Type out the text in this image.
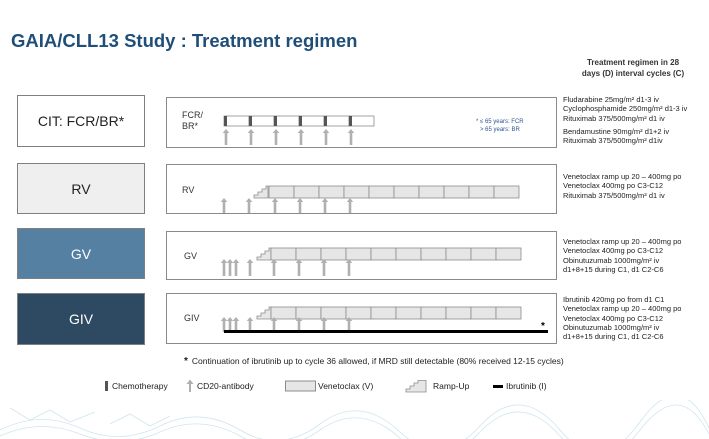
GAIA/CLL13 Study : Treatment regimen
Treatment regimen in 28
days (D) interval cycles (C)
CIT: FCR/BR*
RV
GV
GIV
FCR/
BR*	* ≤ 65 years: FCR
> 65 years: BR
RV
GV
GIV
*
Fludarabine 25mg/m² d1-3 iv
Cyclophosphamide 250mg/m² d1-3 iv
Rituximab 375/500mg/m² d1 iv

Bendamustine 90mg/m² d1+2 iv
Rituximab 375/500mg/m² d1iv
Venetoclax ramp up 20 – 400mg po
Venetoclax 400mg po C3-C12
Rituximab 375/500mg/m² d1 iv
Venetoclax ramp up 20 – 400mg po
Venetoclax 400mg po C3-C12
Obinutuzumab 1000mg/m² iv
d1+8+15 during C1, d1 C2-C6
Ibrutinib 420mg po from d1 C1
Venetoclax ramp up 20 – 400mg po
Venetoclax 400mg po C3-C12
Obinutuzumab 1000mg/m² iv
d1+8+15 during C1, d1 C2-C6
* Continuation of ibrutinib up to cycle 36 allowed, if MRD still detectable (80% received 12-15 cycles)
Chemotherapy	CD20-antibody	Venetoclax (V)	Ramp-Up	Ibrutinib (I)
